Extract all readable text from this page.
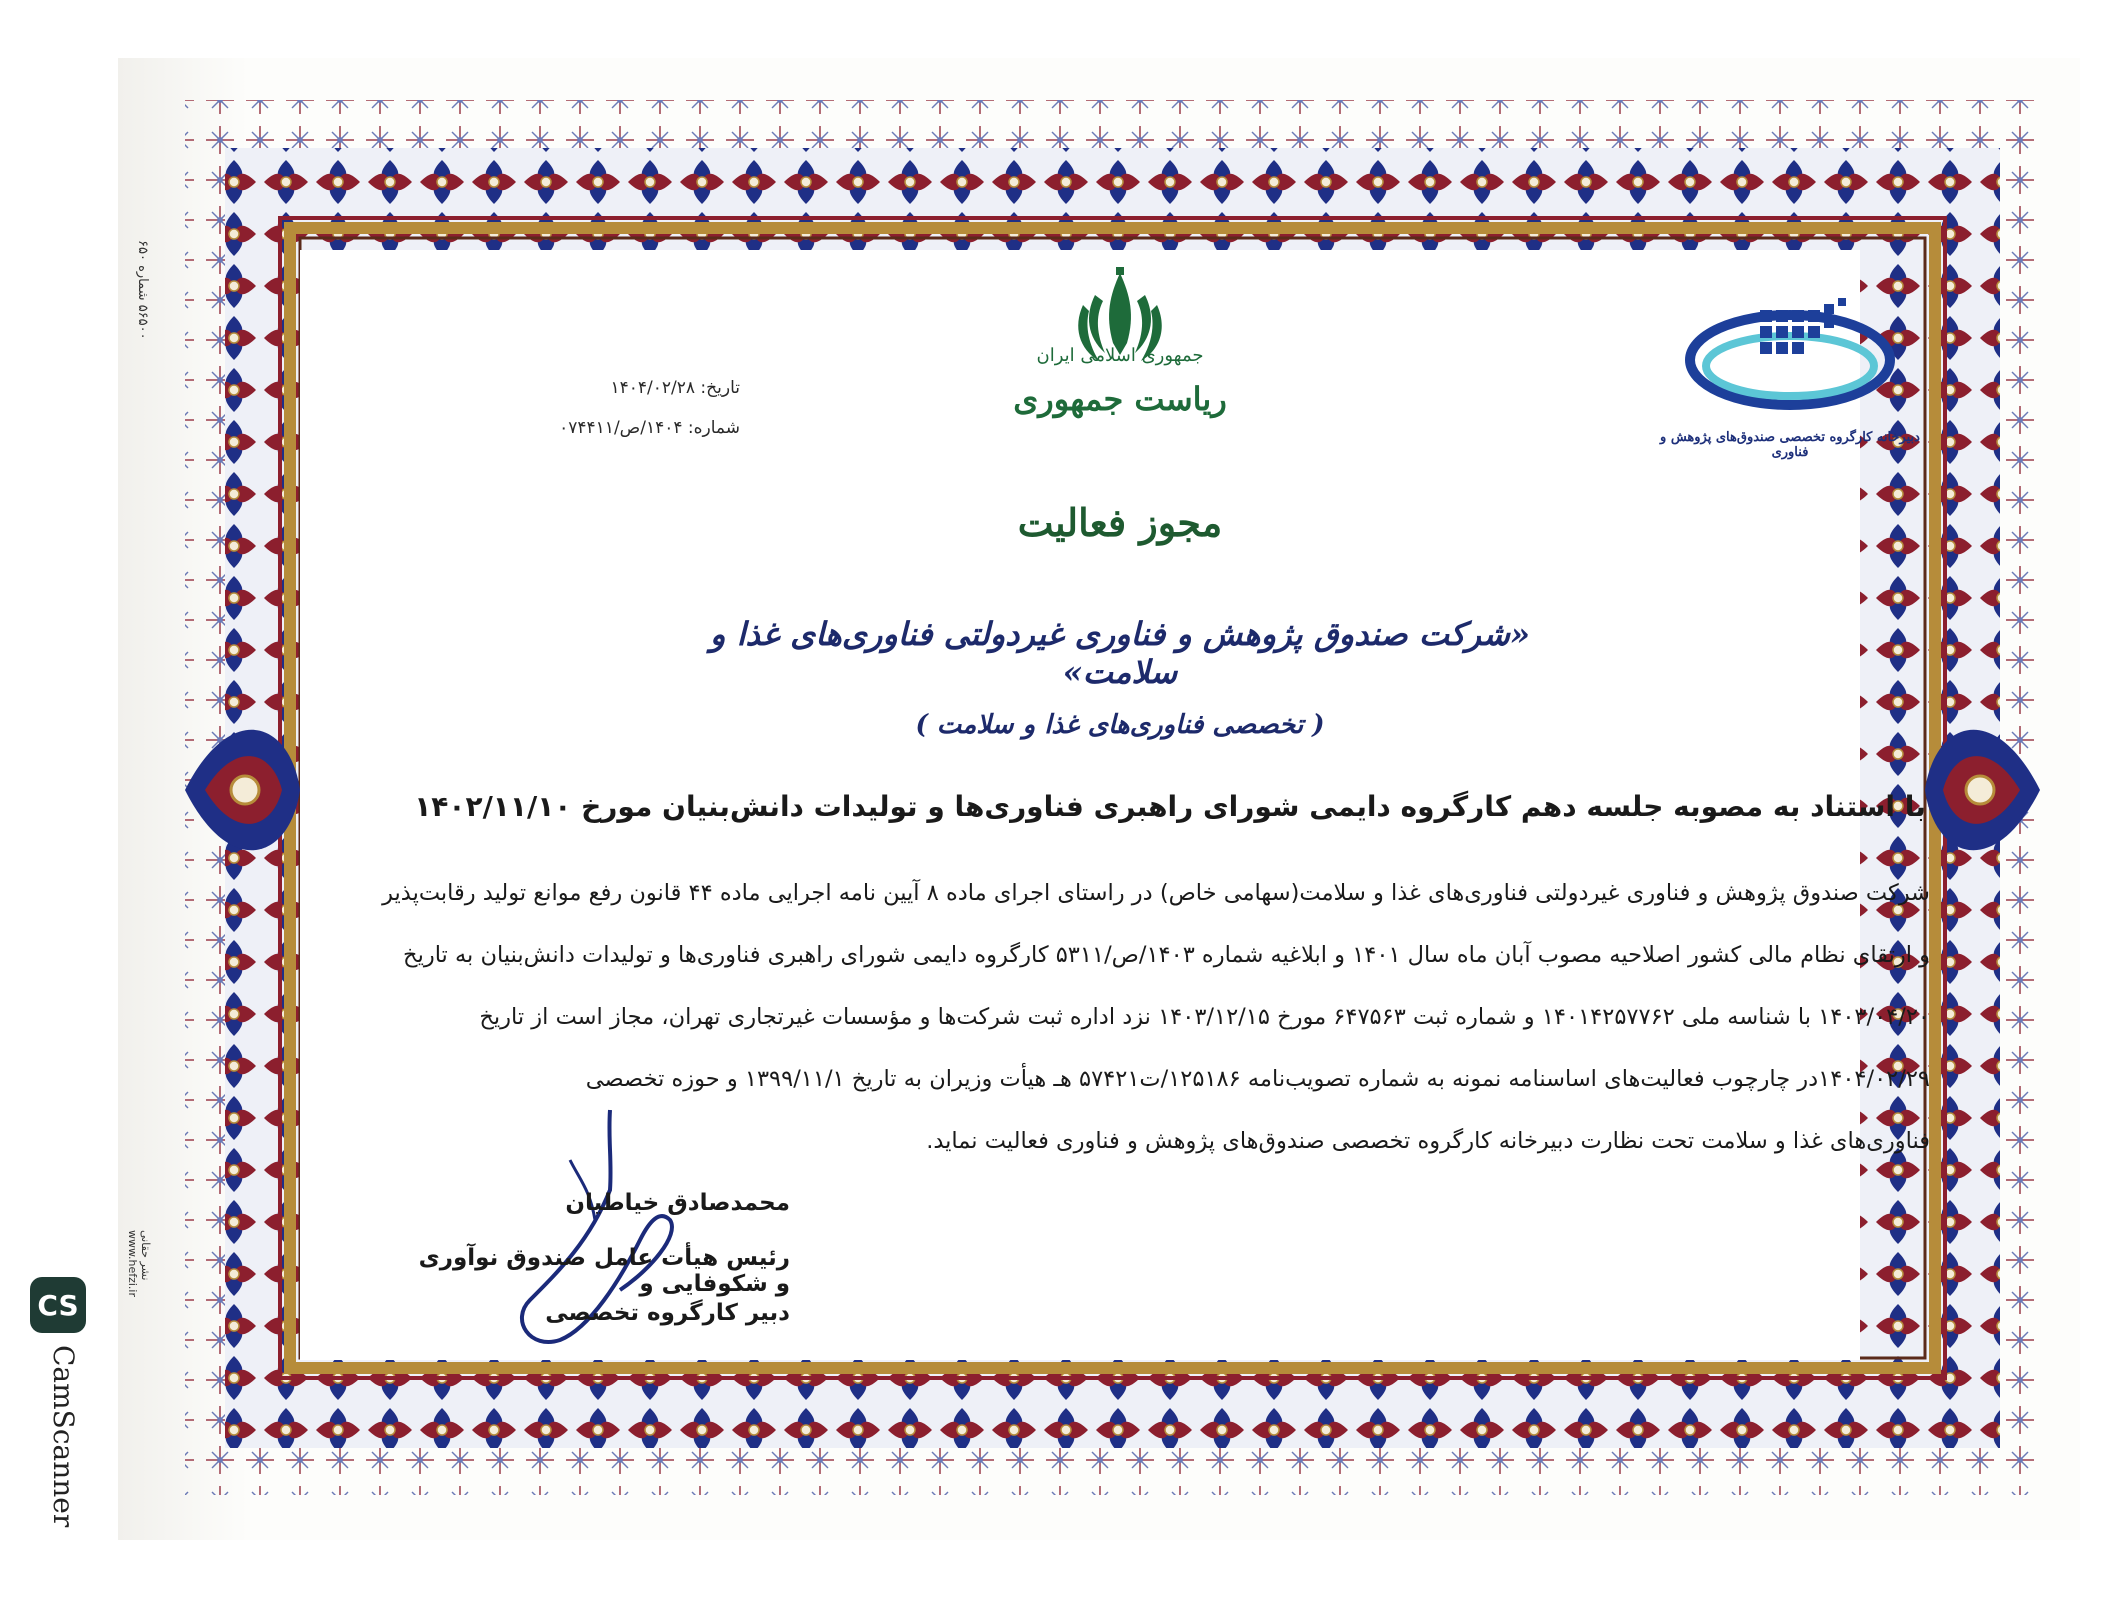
جمهوری اسلامی ایران
ریاست جمهوری
تاریخ: ۱۴۰۴/۰۲/۲۸
شماره: ۱۴۰۴/ص/۰۷۴۴۱۱	دبیرخانه کارگروه تخصصی صندوق‌های پژوهش و فناوری
مجوز فعالیت
«شرکت صندوق پژوهش و فناوری غیردولتی فناوری‌های غذا و سلامت»
( تخصصی فناوری‌های غذا و سلامت )
با استناد به مصوبه جلسه دهم کارگروه دایمی شورای راهبری فناوری‌ها و تولیدات دانش‌بنیان مورخ ۱۴۰۲/۱۱/۱۰

شرکت صندوق پژوهش و فناوری غیردولتی فناوری‌های غذا و سلامت(سهامی خاص) در راستای اجرای ماده ۸ آیین نامه اجرایی ماده ۴۴ قانون رفع موانع تولید رقابت‌پذیر

و ارتقای نظام مالی کشور اصلاحیه مصوب آبان ماه سال ۱۴۰۱ و ابلاغیه شماره ۱۴۰۳/ص/۵۳۱۱ کارگروه دایمی شورای راهبری فناوری‌ها و تولیدات دانش‌بنیان به تاریخ

۱۴۰۳/۰۴/۲۰ با شناسه ملی ۱۴۰۱۴۲۵۷۷۶۲ و شماره ثبت ۶۴۷۵۶۳ مورخ ۱۴۰۳/۱۲/۱۵ نزد اداره ثبت شرکت‌ها و مؤسسات غیرتجاری تهران، مجاز است از تاریخ

۱۴۰۴/۰۲/۲۹در چارچوب فعالیت‌های اساسنامه نمونه به شماره تصویب‌نامه ۱۲۵۱۸۶/ت۵۷۴۲۱ هـ هیأت وزیران به تاریخ ۱۳۹۹/۱۱/۱ و حوزه تخصصی

فناوری‌های غذا و سلامت تحت نظارت دبیرخانه کارگروه تخصصی صندوق‌های پژوهش و فناوری فعالیت نماید.

محمدصادق خیاطیان
رئیس هیأت عامل صندوق نوآوری و شکوفایی و
دبیر کارگروه تخصصی
۵۶۵۰۰ شماره ۶۵۰
نشر حقانی www.hefzi.ir
CS
CamScanner
